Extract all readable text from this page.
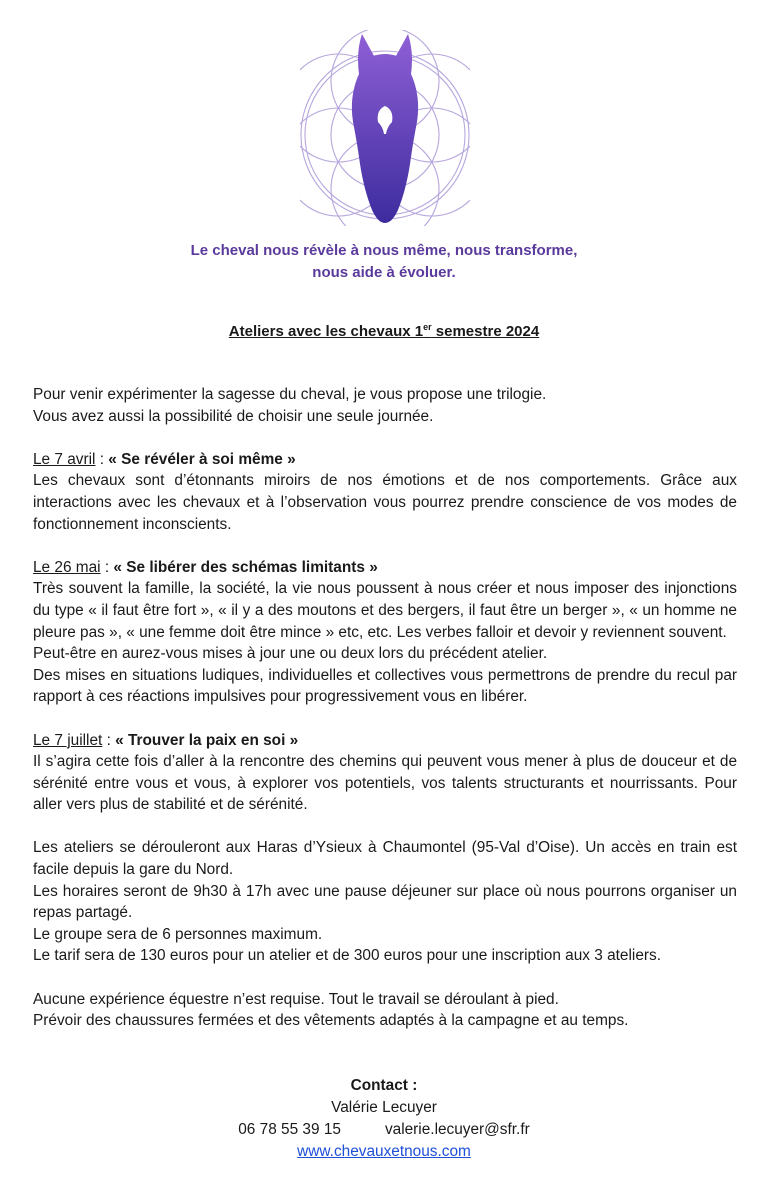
Le cheval nous révèle à nous même, nous transforme,
nous aide à évoluer.
Ateliers avec les chevaux 1er semestre 2024

Pour venir expérimenter la sagesse du cheval, je vous propose une trilogie.

Vous avez aussi la possibilité de choisir une seule journée.

Le 7 avril : « Se révéler à soi même »

Les chevaux sont d’étonnants miroirs de nos émotions et de nos comportements. Grâce aux interactions avec les chevaux et à l’observation vous pourrez prendre conscience de vos modes de fonctionnement inconscients.

Le 26 mai : « Se libérer des schémas limitants »

Très souvent la famille, la société, la vie nous poussent à nous créer et nous imposer des injonctions du type « il faut être fort », « il y a des moutons et des bergers, il faut être un berger », « un homme ne pleure pas », « une femme doit être mince » etc, etc. Les verbes falloir et devoir y reviennent souvent.

Peut-être en aurez-vous mises à jour une ou deux lors du précédent atelier.

Des mises en situations ludiques, individuelles et collectives vous permettrons de prendre du recul par rapport à ces réactions impulsives pour progressivement vous en libérer.

Le 7 juillet : « Trouver la paix en soi »

Il s’agira cette fois d’aller à la rencontre des chemins qui peuvent vous mener à plus de douceur et de sérénité entre vous et vous, à explorer vos potentiels, vos talents structurants et nourrissants. Pour aller vers plus de stabilité et de sérénité.

Les ateliers se dérouleront aux Haras d’Ysieux à Chaumontel (95-Val d’Oise). Un accès en train est facile depuis la gare du Nord.

Les horaires seront de 9h30 à 17h avec une pause déjeuner sur place où nous pourrons organiser un repas partagé.

Le groupe sera de 6 personnes maximum.

Le tarif sera de 130 euros pour un atelier et de 300 euros pour une inscription aux 3 ateliers.

Aucune expérience équestre n’est requise. Tout le travail se déroulant à pied.

Prévoir des chaussures fermées et des vêtements adaptés à la campagne et au temps.

Contact :
Valérie Lecuyer
06 78 55 39 15	valerie.lecuyer@sfr.fr
www.chevauxetnous.com
